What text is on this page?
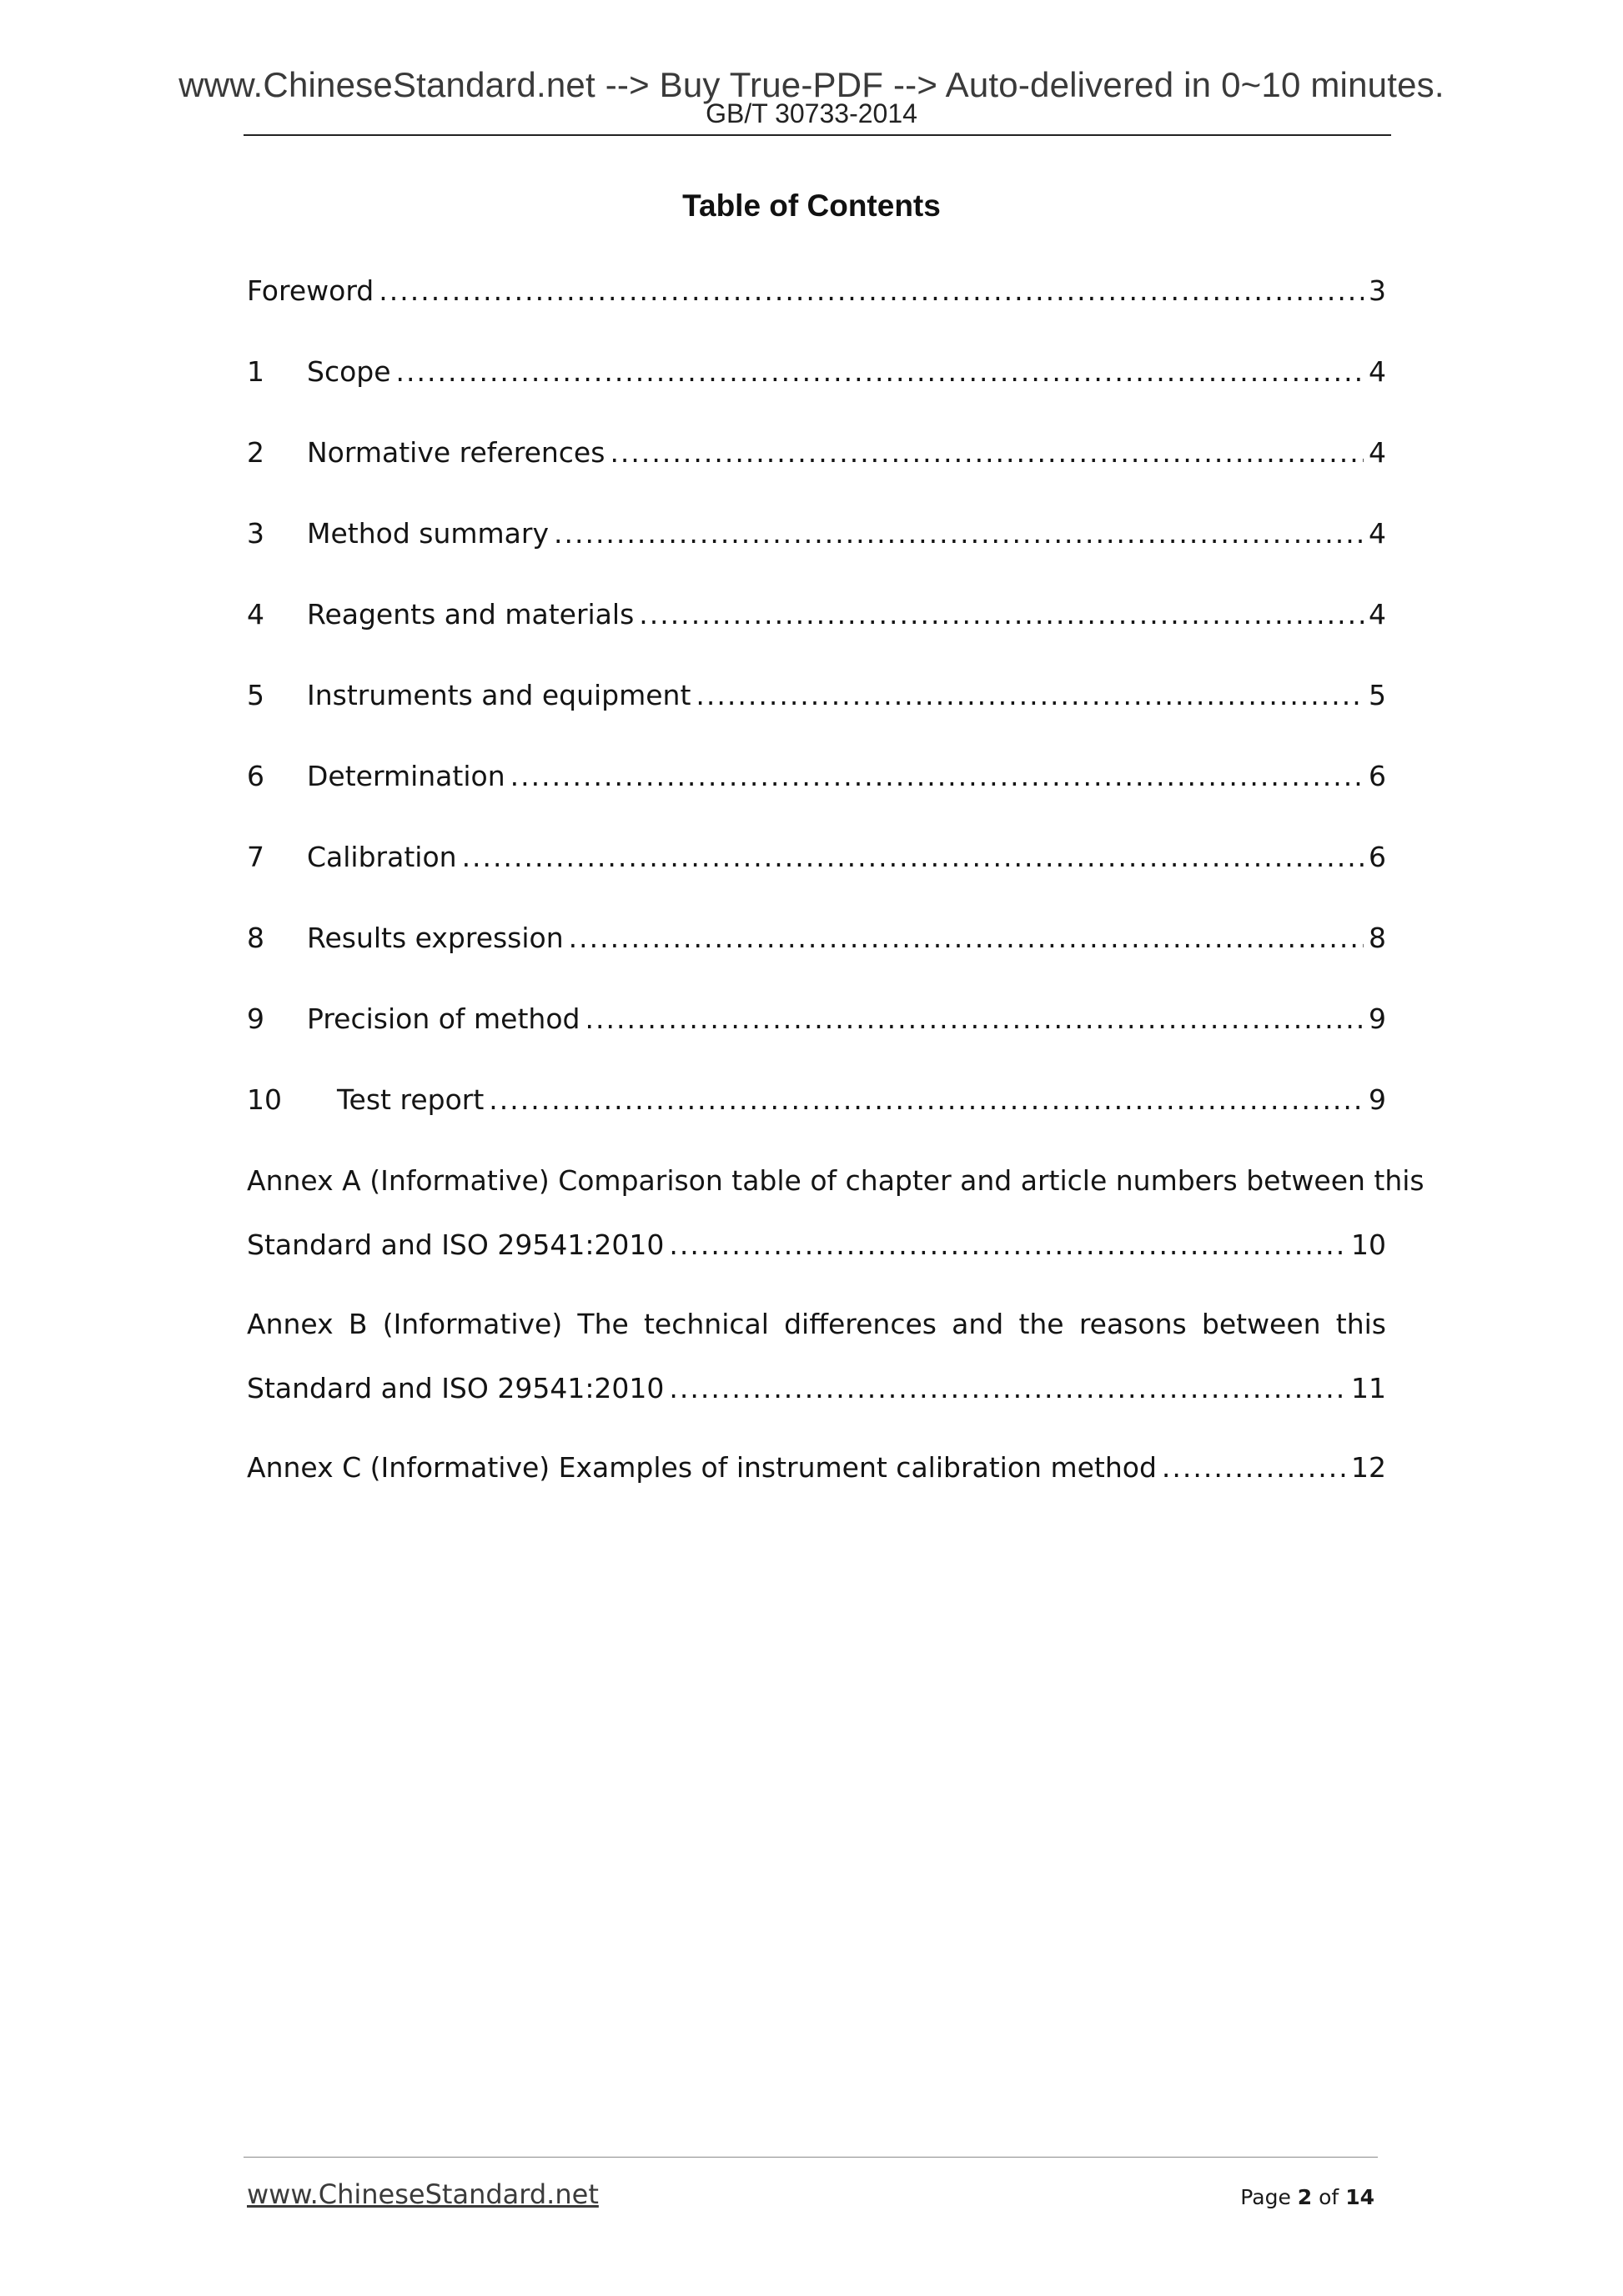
www.ChineseStandard.net --> Buy True-PDF --> Auto-delivered in 0~10 minutes.
GB/T 30733-2014
Table of Contents
Foreword .....	3
1	Scope .....	4
2	Normative references .....	4
3	Method summary .....	4
4	Reagents and materials .....	4
5	Instruments and equipment .....	5
6	Determination .....	6
7	Calibration .....	6
8	Results expression .....	8
9	Precision of method .....	9
10	Test report .....	9
Annex A (Informative) Comparison table of chapter and article numbers between this
Standard and ISO 29541:2010 .....	10
Annex B (Informative) The technical differences and the reasons between this
Standard and ISO 29541:2010 .....	11
Annex C (Informative) Examples of instrument calibration method .....	12
www.ChineseStandard.net	Page 2 of 14
